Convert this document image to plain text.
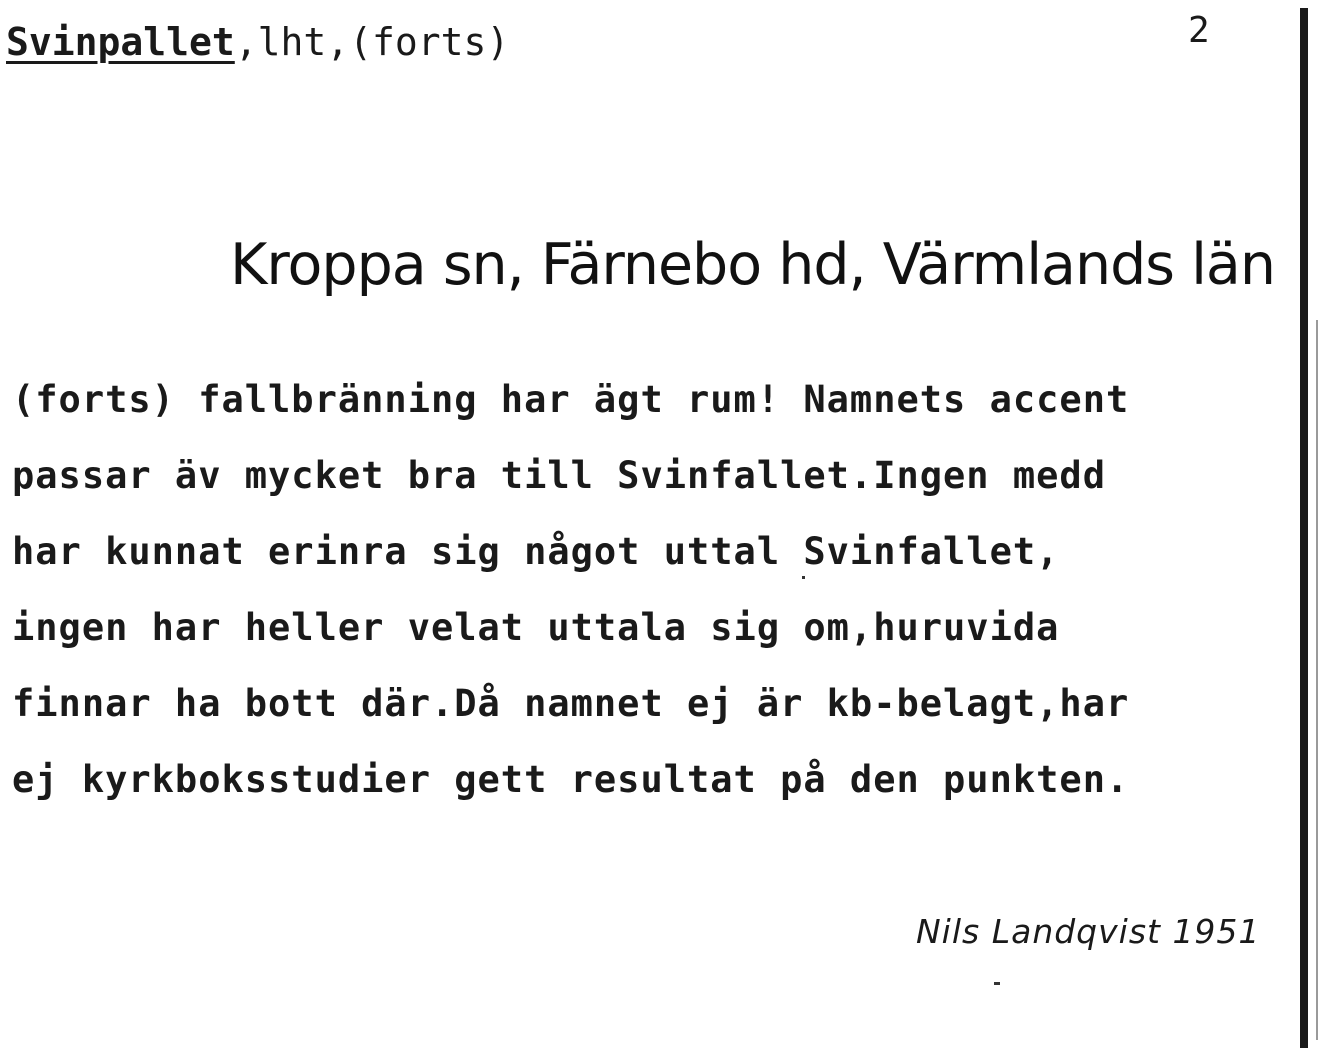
Svinpallet,lht,(forts)	2
Kroppa sn, Färnebo hd, Värmlands län
(forts) fallbränning har ägt rum! Namnets accent
passar äv mycket bra till Svinfallet.Ingen medd
har kunnat erinra sig något uttal Svinfallet,
ingen har heller velat uttala sig om,huruvida
finnar ha bott där.Då namnet ej är kb-belagt,har
ej kyrkboksstudier gett resultat på den punkten.
Nils Landqvist 1951
